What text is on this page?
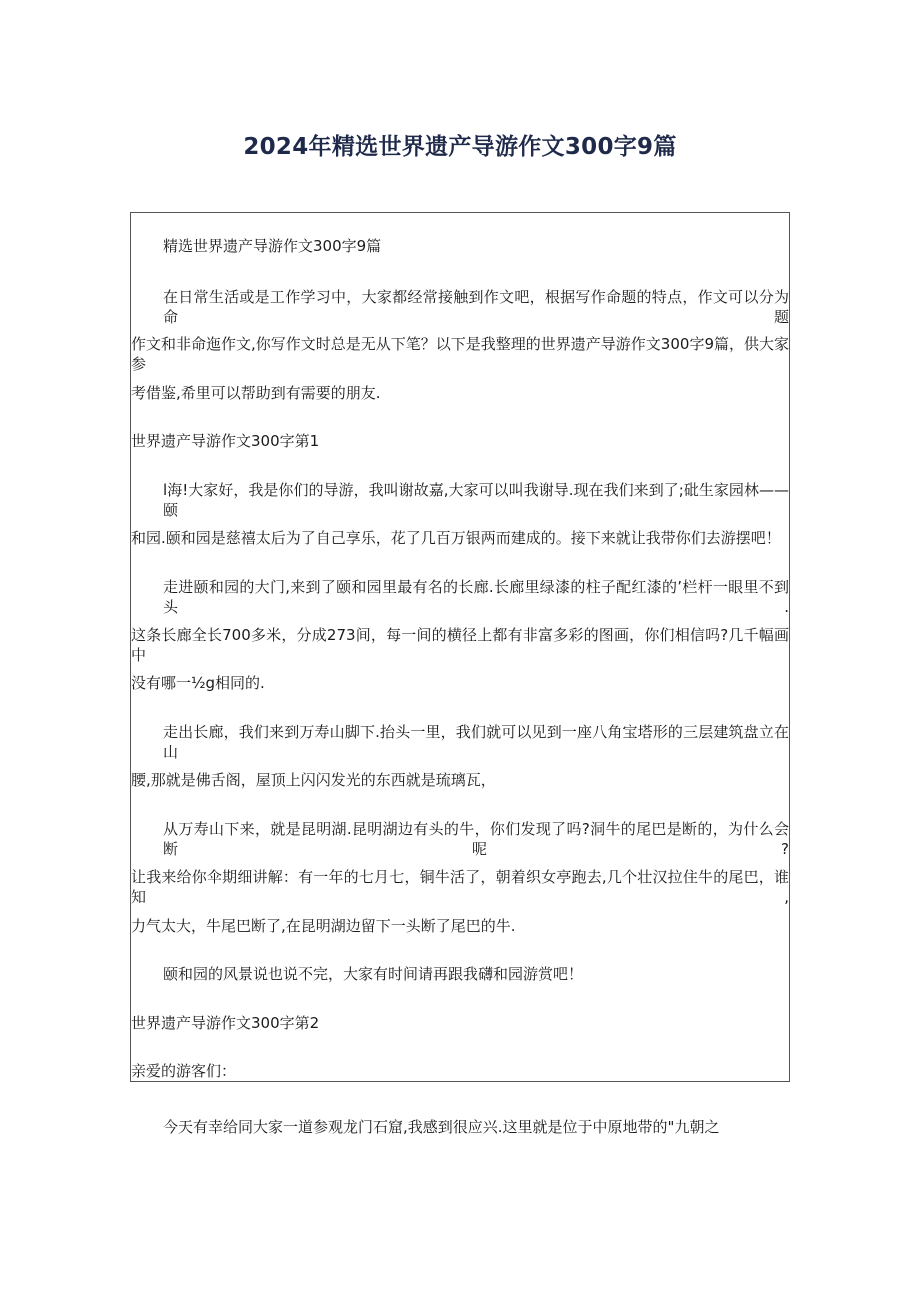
2024年精选世界遗产导游作文300字9篇
精选世界遗产导游作文300字9篇
在日常生活或是工作学习中，大家都经常接触到作文吧，根据写作命题的特点，作文可以分为命题
作文和非命迤作文,你写作文时总是无从下笔？以下是我整理的世界遗产导游作文300字9篇，供大家参
考借鉴,希里可以帮助到有需要的朋友.
世界遗产导游作文300字第1
l海!大家好，我是你们的导游，我叫谢故嘉,大家可以叫我谢导.现在我们来到了;砒生家园林——颐
和园.颐和园是慈禧太后为了自己享乐，花了几百万银两而建成的。接下来就让我带你们去游摆吧！
走进颐和园的大门,来到了颐和园里最有名的长廊.长廊里绿漆的柱子配红漆的’栏杆一眼里不到头.
这条长廊全长700多米，分成273间，每一间的横径上都有非富多彩的图画，你们相信吗?几千幅画中
没有哪一½g相同的.
走出长廊，我们来到万寿山脚下.抬头一里，我们就可以见到一座八角宝塔形的三层建筑盘立在山
腰,那就是佛舌阁，屋顶上闪闪发光的东西就是琉璃瓦，
从万寿山下来，就是昆明湖.昆明湖边有头的牛，你们发现了吗?洞牛的尾巴是断的，为什么会断呢?
让我来给你伞期细讲解：有一年的七月七，铜牛活了，朝着织女亭跑去,几个壮汉拉住牛的尾巴，谁知,
力气太大，牛尾巴断了,在昆明湖边留下一头断了尾巴的牛.
颐和园的风景说也说不完，大家有时间请再跟我礴和园游赏吧！
世界遗产导游作文300字第2
亲爱的游客们：
今天有幸给同大家一道参观龙门石窟,我感到很应兴.这里就是位于中原地带的"九朝之
